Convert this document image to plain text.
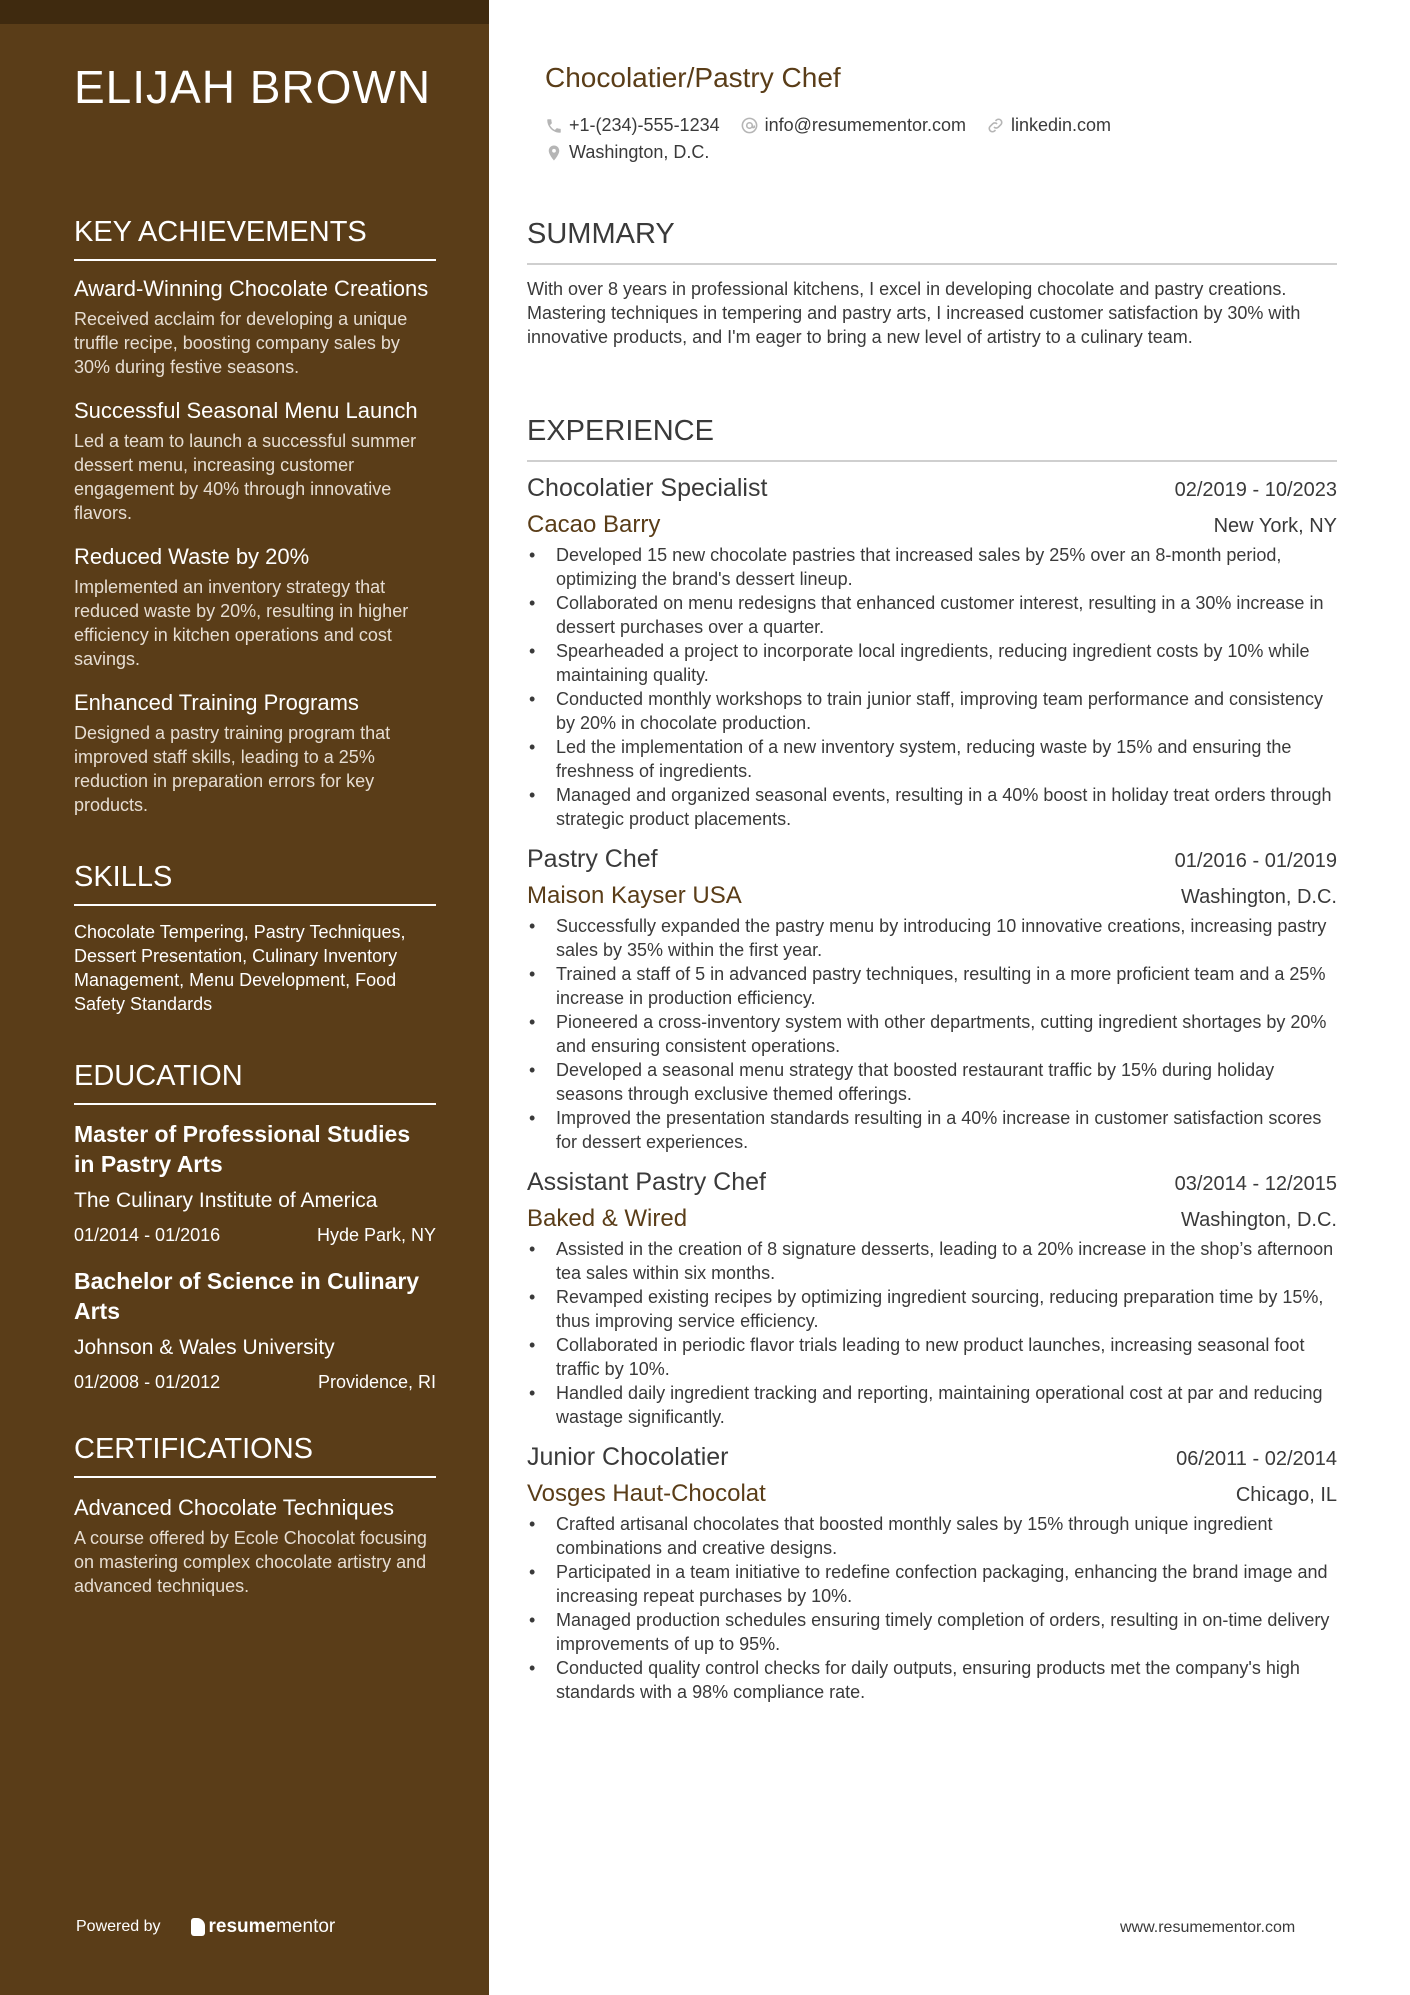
ELIJAH BROWN
KEY ACHIEVEMENTS
Award-Winning Chocolate Creations
Received acclaim for developing a unique truffle recipe, boosting company sales by 30% during festive seasons.
Successful Seasonal Menu Launch
Led a team to launch a successful summer dessert menu, increasing customer engagement by 40% through innovative flavors.
Reduced Waste by 20%
Implemented an inventory strategy that reduced waste by 20%, resulting in higher efficiency in kitchen operations and cost savings.
Enhanced Training Programs
Designed a pastry training program that improved staff skills, leading to a 25% reduction in preparation errors for key products.
SKILLS
Chocolate Tempering, Pastry Techniques, Dessert Presentation, Culinary Inventory Management, Menu Development, Food Safety Standards
EDUCATION
Master of Professional Studies in Pastry Arts
The Culinary Institute of America
01/2014 - 01/2016	Hyde Park, NY
Bachelor of Science in Culinary Arts
Johnson & Wales University
01/2008 - 01/2012	Providence, RI
CERTIFICATIONS
Advanced Chocolate Techniques
A course offered by Ecole Chocolat focusing on mastering complex chocolate artistry and advanced techniques.
Powered by	resume mentor
Chocolatier/Pastry Chef
+1-(234)-555-1234	info@resumementor.com	linkedin.com
Washington, D.C.
SUMMARY
With over 8 years in professional kitchens, I excel in developing chocolate and pastry creations. Mastering techniques in tempering and pastry arts, I increased customer satisfaction by 30% with innovative products, and I'm eager to bring a new level of artistry to a culinary team.
EXPERIENCE
Chocolatier Specialist	02/2019 - 10/2023
Cacao Barry	New York, NY
• Developed 15 new chocolate pastries that increased sales by 25% over an 8-month period, optimizing the brand's dessert lineup.
• Collaborated on menu redesigns that enhanced customer interest, resulting in a 30% increase in dessert purchases over a quarter.
• Spearheaded a project to incorporate local ingredients, reducing ingredient costs by 10% while maintaining quality.
• Conducted monthly workshops to train junior staff, improving team performance and consistency by 20% in chocolate production.
• Led the implementation of a new inventory system, reducing waste by 15% and ensuring the freshness of ingredients.
• Managed and organized seasonal events, resulting in a 40% boost in holiday treat orders through strategic product placements.
Pastry Chef	01/2016 - 01/2019
Maison Kayser USA	Washington, D.C.
• Successfully expanded the pastry menu by introducing 10 innovative creations, increasing pastry sales by 35% within the first year.
• Trained a staff of 5 in advanced pastry techniques, resulting in a more proficient team and a 25% increase in production efficiency.
• Pioneered a cross-inventory system with other departments, cutting ingredient shortages by 20% and ensuring consistent operations.
• Developed a seasonal menu strategy that boosted restaurant traffic by 15% during holiday seasons through exclusive themed offerings.
• Improved the presentation standards resulting in a 40% increase in customer satisfaction scores for dessert experiences.
Assistant Pastry Chef	03/2014 - 12/2015
Baked & Wired	Washington, D.C.
• Assisted in the creation of 8 signature desserts, leading to a 20% increase in the shop’s afternoon tea sales within six months.
• Revamped existing recipes by optimizing ingredient sourcing, reducing preparation time by 15%, thus improving service efficiency.
• Collaborated in periodic flavor trials leading to new product launches, increasing seasonal foot traffic by 10%.
• Handled daily ingredient tracking and reporting, maintaining operational cost at par and reducing wastage significantly.
Junior Chocolatier	06/2011 - 02/2014
Vosges Haut-Chocolat	Chicago, IL
• Crafted artisanal chocolates that boosted monthly sales by 15% through unique ingredient combinations and creative designs.
• Participated in a team initiative to redefine confection packaging, enhancing the brand image and increasing repeat purchases by 10%.
• Managed production schedules ensuring timely completion of orders, resulting in on-time delivery improvements of up to 95%.
• Conducted quality control checks for daily outputs, ensuring products met the company's high standards with a 98% compliance rate.
www.resumementor.com
